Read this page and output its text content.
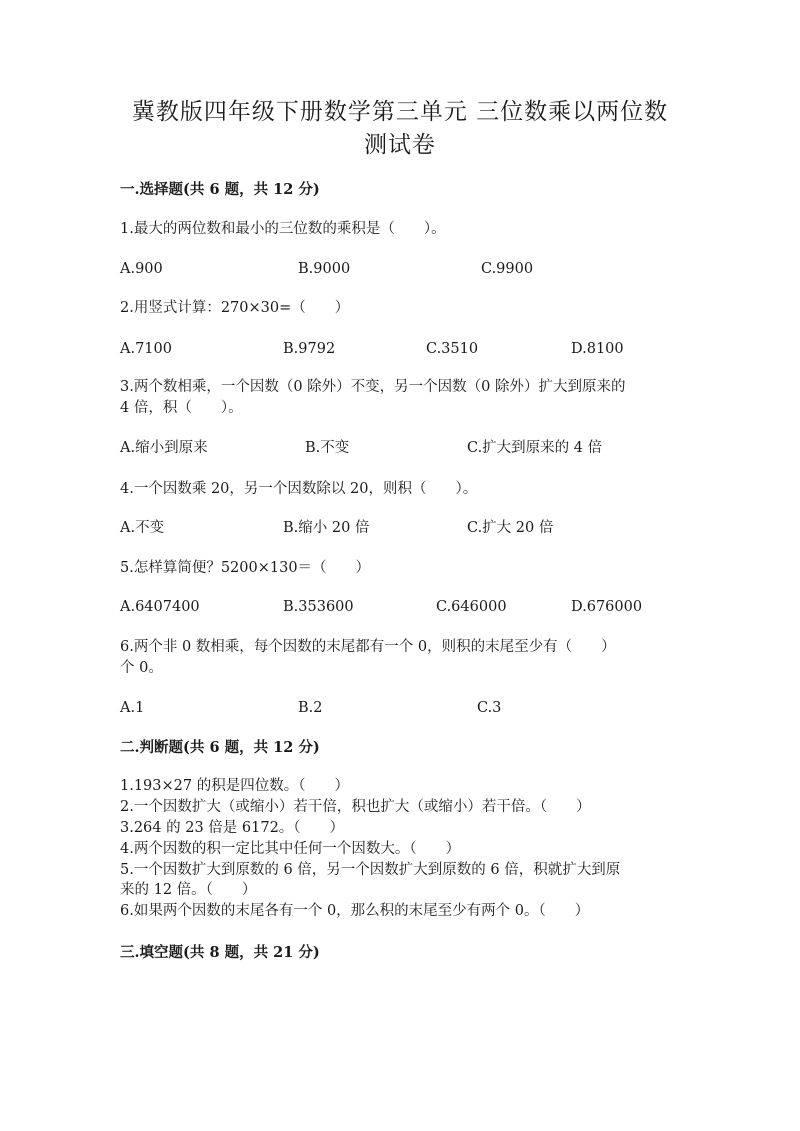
冀教版四年级下册数学第三单元 三位数乘以两位数
测试卷
一.选择题(共 6 题，共 12 分)
1.最大的两位数和最小的三位数的乘积是（　　）。
A.900	B.9000	C.9900
2.用竖式计算：270×30=（　　）
A.7100	B.9792	C.3510	D.8100
3.两个数相乘，一个因数（0 除外）不变，另一个因数（0 除外）扩大到原来的
4 倍，积（　　）。
A.缩小到原来	B.不变	C.扩大到原来的 4 倍
4.一个因数乘 20，另一个因数除以 20，则积（　　）。
A.不变	B.缩小 20 倍	C.扩大 20 倍
5.怎样算简便？5200×130＝（　　）
A.6407400	B.353600	C.646000	D.676000
6.两个非 0 数相乘，每个因数的末尾都有一个 0，则积的末尾至少有（　　）
个 0。
A.1	B.2	C.3
二.判断题(共 6 题，共 12 分)
1.193×27 的积是四位数。（　　）
2.一个因数扩大（或缩小）若干倍，积也扩大（或缩小）若干倍。（　　）
3.264 的 23 倍是 6172。（　　）
4.两个因数的积一定比其中任何一个因数大。（　　）
5.一个因数扩大到原数的 6 倍，另一个因数扩大到原数的 6 倍，积就扩大到原
来的 12 倍。（　　）
6.如果两个因数的末尾各有一个 0，那么积的末尾至少有两个 0。（　　）
三.填空题(共 8 题，共 21 分)
